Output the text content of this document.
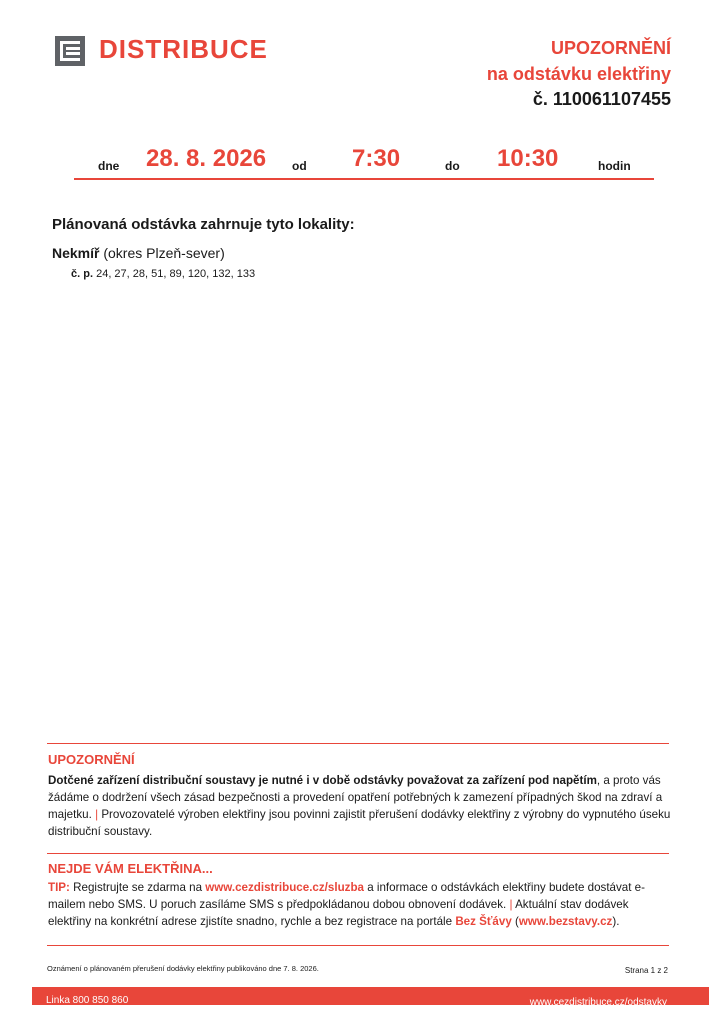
DISTRIBUCE	UPOZORNĚNÍ
na odstávku elektřiny
č. 110061107455
dne 28. 8. 2026 od 7:30	do 10:30	hodin
Plánovaná odstávka zahrnuje tyto lokality:
Nekmíř (okres Plzeň-sever)
č. p. 24, 27, 28, 51, 89, 120, 132, 133
UPOZORNĚNÍ
Dotčené zařízení distribuční soustavy je nutné i v době odstávky považovat za zařízení pod napětím, a proto vás žádáme o dodržení všech zásad bezpečnosti a provedení opatření potřebných k zamezení případných škod na zdraví a majetku. | Provozovatelé výroben elektřiny jsou povinni zajistit přerušení dodávky elektřiny z výrobny do vypnutého úseku distribuční soustavy.
NEJDE VÁM ELEKTŘINA...
TIP: Registrujte se zdarma na www.cezdistribuce.cz/sluzba a informace o odstávkách elektřiny budete dostávat e-mailem nebo SMS. U poruch zasíláme SMS s předpokládanou dobou obnovení dodávek. | Aktuální stav dodávek elektřiny na konkrétní adrese zjistíte snadno, rychle a bez registrace na portále Bez Šťávy (www.bezstavy.cz).
Oznámení o plánovaném přerušení dodávky elektřiny publikováno dne 7. 8. 2026.	Strana 1 z 2
Linka 800 850 860	www.cezdistribuce.cz/odstavky
